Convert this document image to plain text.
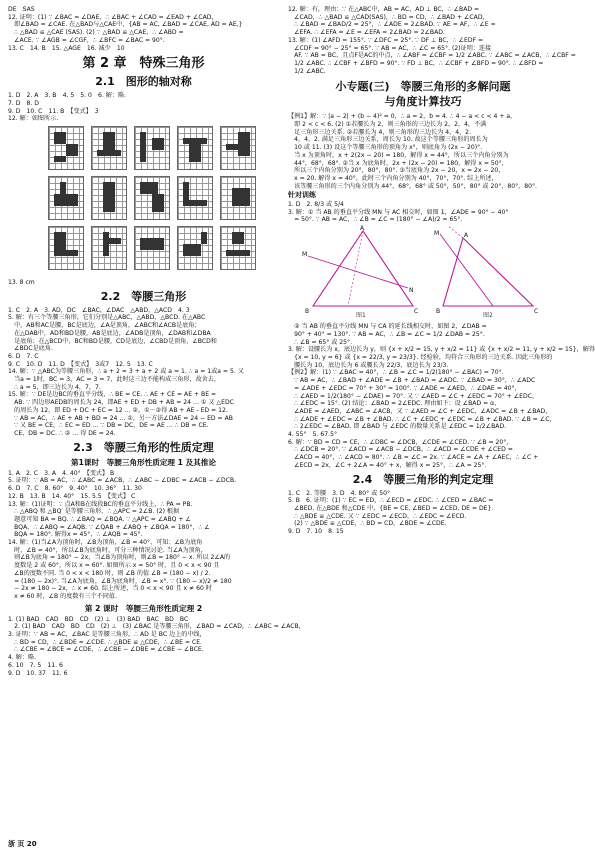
DE　SAS

12. 证明：(1) ∵ ∠BAC = ∠DAE，∴ ∠BAC + ∠CAD = ∠EAD + ∠CAD，

　即∠BAD = ∠CAE. 在△BAD与△CAE中，{AB = AC, ∠BAD = ∠CAE, AD = AE,}

　∴ △BAD ≌ △CAE (SAS). (2) ∵ △BAD ≌ △CAE，∴ ∠ABD =

　∠ACE. ∵ ∠AGB = ∠CGF，∴ ∠BFC = ∠BAC = 90°.

13. C　14. B　15. △AGE　16. 减少　10

第 2 章　特殊三角形
2.1　图形的轴对称

1. D　2. A　3. B　4. 5　5. 0　6. 解：略.

7. D　8. D

9. D　10. C　11. B　【变式】　3

12. 解：如图所示.

13. 8 cm

2.2　等腰三角形

1. C　2. A　3. AD，DC　∠BAC，∠DAC　△ABD，△ACD　4. 3

5. 解：有三个等腰三角形，它们分别是△ABC，△ABD，△BCD. 在△ABC

　中，AB和AC是腰，BC是底边，∠A是顶角，∠ABC和∠ACB是底角；

　在△DAB中，AD和BD是腰，AB是底边，∠ADB是顶角，∠DAB和∠DBA

　是底角；在△BCD中，BC和BD是腰，CD是底边，∠CBD是顶角，∠BCD和

　∠BDC是底角.

6. D　7. C

9. C　10. D　11. D　【变式】　3或7　12. 5　13. C

14. 解：∵ △ABC为等腰三角形，∴ a + 2 = 3 + a + 2 或 a = 1. ∴ a = 1或a = 5. 又

　当a = 1时，BC = 3，AC = 3 = 7，此时这三边不能构成三角形，故舍去，

　∴ a = 5，即三边长为 4，7，7.

15. 解：∵ DE是边BC的垂直平分线，∴ BE = CE. ∴ AE + CE = AE + BE =

　AB. ∵ 四边形AEDB的周长为 24，即AE + ED + DB + AB = 24 … ① 又 △EDC

　的周长为 12，即 ED + DC + EC = 12 … ②，①－②得 AB + AE - ED = 12.

　∵ AB = AC，∴ AE + AB + BD = 24 … ①，另一方法∠DAE = 24 − ED = AB

　∵ 又 BE = CE，∴ EC = ED … ∵ DB = DC，DE = AE … ∴ DB = CE.

　CE，DB = DC. ∴ ② … 得 DE = 24.

2.3　等腰三角形的性质定理
第1课时　等腰三角形性质定理 1 及其推论

1. A　2. C　3. A　4. 40°　【变式】 B

5. 证明：∵ AB = AC，∴ ∠ABC = ∠ACB，∴ ∠ABC − ∠DBC = ∠ACB − ∠DCB.

6. D　7. C　8. 60°　9. 40°　10. 36°　11. 30

12. B　13. B　14. 40°　15. 5.5　【变式】 C

13. 解：(1)证明：∵ 点A和B在线段BC的垂直平分线上，∴ PA = PB.

　∴ △ABQ 和 △BQ′ 是等腰三角形，∴ △APC = 2∠B. (2) 根据

　题意可知 BA = BQ. ∴ ∠BAQ = ∠BQA. ∵ △APC = ∠ABQ + ∠

　BQA，∴ ∠ABQ = ∠AQB. ∵ ∠QAB + ∠ABQ + ∠BQA = 180°，∴ ∠

　BQA = 180°. 解得x = 45°，∴ ∠AQB = 45°.

14. 解：(1)当∠A为顶角时，∠B为顶角，∠B = 40°，可知：∠B为底角

　时，∠B = 40°，所以∠B为底角时，可分三种情况讨论. 当∠A为顶角，

　则∠B为底角 = 180° − 2x，当∠B为顶角时，则∠B = 180° − x. 所以 2∠A的

　度数是 2 或 60°，所以 x = 60°. 如图所示 x = 50° 时，且 0 < x < 90 且

　∠B的度数不同. 当 0 < x < 180 时，则 ∠B 的值 ∠B = (180 − x) / 2.

　= (180 − 2x)°. 当∠A为底角，∠B为底角时，∠B = x°. ∵ (180 − x)/2 ≠ 180

　− 2x ≠ 180 − 2x，∴ x ≠ 60. 综上所述，当 0 < x < 90 且 x ≠ 60 时

　x ≠ 60 时，∠B 的度数有三个不同值.

第 2 课时　等腰三角形性质定理 2

1. (1) BAD　CAD　BD　CD　(2) ⊥　(3) BAD　BAC　BD　BC

　2. (1) BAD　CAD　BD　CD　(2) ⊥　(3) ∠BAC 是等腰三角形，∠BAD = ∠CAD，∴ ∠ABC = ∠ACB，

3. 证明：∵ AB = AC，∠BAC 是等腰三角形，∴ AD 是 BC 边上的中线，

　∴ BD = CD，∴ ∠BDE = ∠CDE. ∴ △BDE ≌ △CDE，∴ ∠BE = CE.

　∴ ∠CBE = ∠BCE = ∠CDE，∴ ∠CBE − ∠DBE = ∠CBE − ∠BCE.

4. 解：略.

6. 10　7. 5　11. 6

9. D　10. 37　11. 6

12. 解：有，理由：∵ 在△ABC中，AB = AC，AD ⊥ BC，∴ ∠BAD =

　∠CAD，∴ △BAD ≌ △CAD(SAS)，∴ BD = CD，∴ ∠BAD + ∠CAD，

　∴ ∠BAD = ∠BAD/2 = 25°，∴ ∠ADE = 2∠BAD. ∵ AE = AF，∴ ∠E =

　∠EFA. ∴ ∠EFA = ∠E = ∠EFA = 2∠BAD = 2∠BAD.

13. 解：(1) ∠AFD = 155°. ∵ ∠DFC = 25°. ∵ DF ⊥ BC，∴ ∠EDF =

　∠CDF = 90° − 25° = 65°. ∵ AB = AC，∴ ∠C = 65°. (2)证明：连接

　AF. ∵ AB = BC，且点F是AC的中点，∴ ∠ABF = ∠CBF = 1/2 ∠ABC. ∵ ∠ABC = ∠ACB，∴ ∠CBF =

　1/2 ∠ABC. ∴ ∠CBF + ∠BFD = 90°. ∵ FD ⊥ BC，∴ ∠CBF + ∠BFD = 90°. ∴ ∠BFD =

　1/2 ∠ABC.

小专题(三)　等腰三角形的多解问题
与角度计算技巧

【例1】解：∵ |a − 2| + (b − 4)² = 0，∴ a = 2，b = 4. ∴ 4 − a < c < 4 + a，

　即 2 < c < 6. (2) ①若腰长为 2，则三角形的三边长为 2，2，4，不满

　足三角形三边关系. ②若腰长为 4，则三角形的三边长为 4，4，2.

　4，4，2. 满足三角形三边关系，周长为 10. 故这个等腰三角形的周长为

　10 或 11. (3) 设这个等腰三角形的顶角为 x°，则底角为 (2x − 20)°.

　当 x 为顶角时，x + 2(2x − 20) = 180，解得 x = 44°，所以三个内角分别为

　44°，68°，68°. ②当 x 为底角时，2x + (2x − 20) = 180，解得 x = 50°，

　所以三个内角分别为 20°，80°，80°. ③当底角为 2x − 20，x = 2x − 20，

　x = 20. 解得 x = 40°，此时三个内角分别为 40°，70°，70°. 综上所述，

　该等腰三角形的三个内角分别为 44°，68°，68° 或 50°，50°，80° 或 20°，80°，80°.

针对训练

1. D　2. 8/3 或 5/4

3. 解：① 当 AB 的垂直平分线 MN 与 AC 相交时，如图 1，∠ADE = 90° − 40°

　= 50°. ∵ AB = AC，∴ ∠B = ∠C = (180° − ∠A)/2 = 65°.

A
B	C
M
N
A
B	C
M
图1	图2

　② 当 AB 的垂直平分线 MN 与 CA 的延长线相交时，如图 2，∠DAB =

　90° + 40° = 130°. ∵ AB = AC，∴ ∠B = ∠C = 1/2 ∠DAB = 25°.

　∴ ∠B = 65° 或 25°.

3. 解：设腰长为 x，底边长为 y，则 {x + x/2 = 15, y + x/2 = 11} 或 {x + x/2 = 11, y + x/2 = 15}，解得

　{x = 10, y = 6} 或 {x = 22/3, y = 23/3}. 经检验，均符合三角形的三边关系. 因此三角形的

　腰长为 10，底边长为 6 或腰长为 22/3，底边长为 23/3.

【例2】解：(1) ∵ ∠BAC = 40°，∴ ∠B = ∠C = 1/2(180° − ∠BAC) = 70°.

　∵ AB = AC，∴ ∠BAD + ∠ADE = ∠B + ∠BAD = ∠ADC. ∵ ∠BAD = 30°，∴ ∠ADC

　= ∠ADE + ∠EDC = 70° + 30° = 100°. ∵ ∠ADE = ∠AED，∴ ∠DAE = 40°，

　∴ ∠AED = 1/2(180° − ∠DAE) = 70°. 又 ∵ ∠AED = ∠C + ∠EDC = 70° + ∠EDC，

　∴ ∠EDC = 15°. (2) 结论：∠BAD = 2∠EDC. 理由如下：设 ∠BAD = α，

　∠ADE = ∠AED，∠ABC = ∠ACB，又 ∵ ∠AED = ∠C + ∠EDC，∠ADC = ∠B + ∠BAD，

　∴ ∠ADE + ∠EDC = ∠B + ∠BAD. ∴ ∠C + ∠EDC + ∠EDC = ∠B + ∠BAD. ∵ ∠B = ∠C，

　∴ 2∠EDC = ∠BAD. 即 ∠BAD 与 ∠EDC 的数量关系是 ∠EDC = 1/2∠BAD.

4. 55°　5. 67.5°

6. 解：∵ BD = CD = CE，∴ ∠DBC = ∠DCB，∠CDE = ∠CED. ∵ ∠B = 20°，

　∴ ∠DCB = 20°. ∵ ∠ACD = ∠ACB − ∠DCB，∴ ∠ACD = ∠CDE + ∠CED =

　∠ACD = 40°，∴ ∠ACD = 80°. ∴ ∠B = ∠C = 2x. ∵ ∠ACE = ∠A + ∠AEC，∴ ∠C +

　∠ECD = 2x，∠C + 2∠A = 40° + x，解得 x = 25°，∴ ∠A = 25°.

2.4　等腰三角形的判定定理

1. C　2. 等腰　3. D　4. 80° 或 50°

5. B　6. 证明：(1) ∵ EC = ED，∴ ∠ECD = ∠EDC. ∴ ∠CED = ∠BAC =

　∠BED. 在△BDE 和△CDE 中，{BE = CE, ∠BED = ∠CED, DE = DE}.

　∴ △BDE ≌ △CDE. 又 ∵ ∠EDC = ∠ECD，∴ ∠EDC = ∠ECD.

　(2) ∵ △BDE ≌ △CDE，∴ BD = CD，∠BDE = ∠CDE.

9. D　7. 10　8. 15

浙 页 20
